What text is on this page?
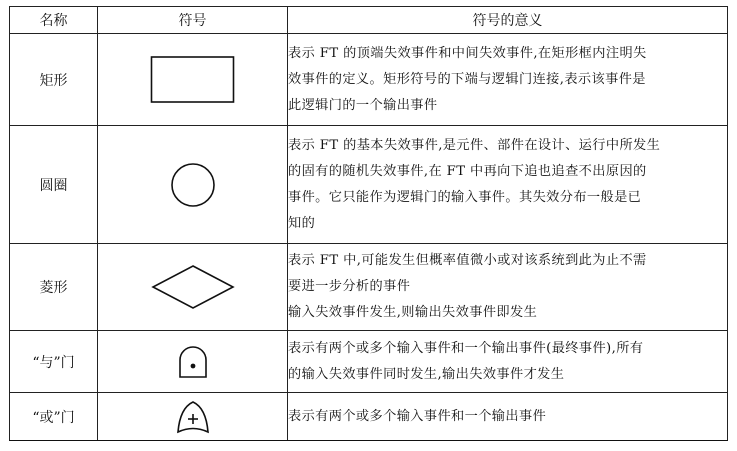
名称	符号	符号的意义
矩形		表示 FT 的顶端失效事件和中间失效事件,在矩形框内注明失
效事件的定义。矩形符号的下端与逻辑门连接,表示该事件是
此逻辑门的一个输出事件

圆圈		表示 FT 的基本失效事件,是元件、部件在设计、运行中所发生
的固有的随机失效事件,在 FT 中再向下追也追查不出原因的
事件。它只能作为逻辑门的输入事件。其失效分布一般是已
知的

菱形		表示 FT 中,可能发生但概率值微小或对该系统到此为止不需
要进一步分析的事件
输入失效事件发生,则输出失效事件即发生

“与”门		表示有两个或多个输入事件和一个输出事件(最终事件),所有
的输入失效事件同时发生,输出失效事件才发生

“或”门		表示有两个或多个输入事件和一个输出事件
